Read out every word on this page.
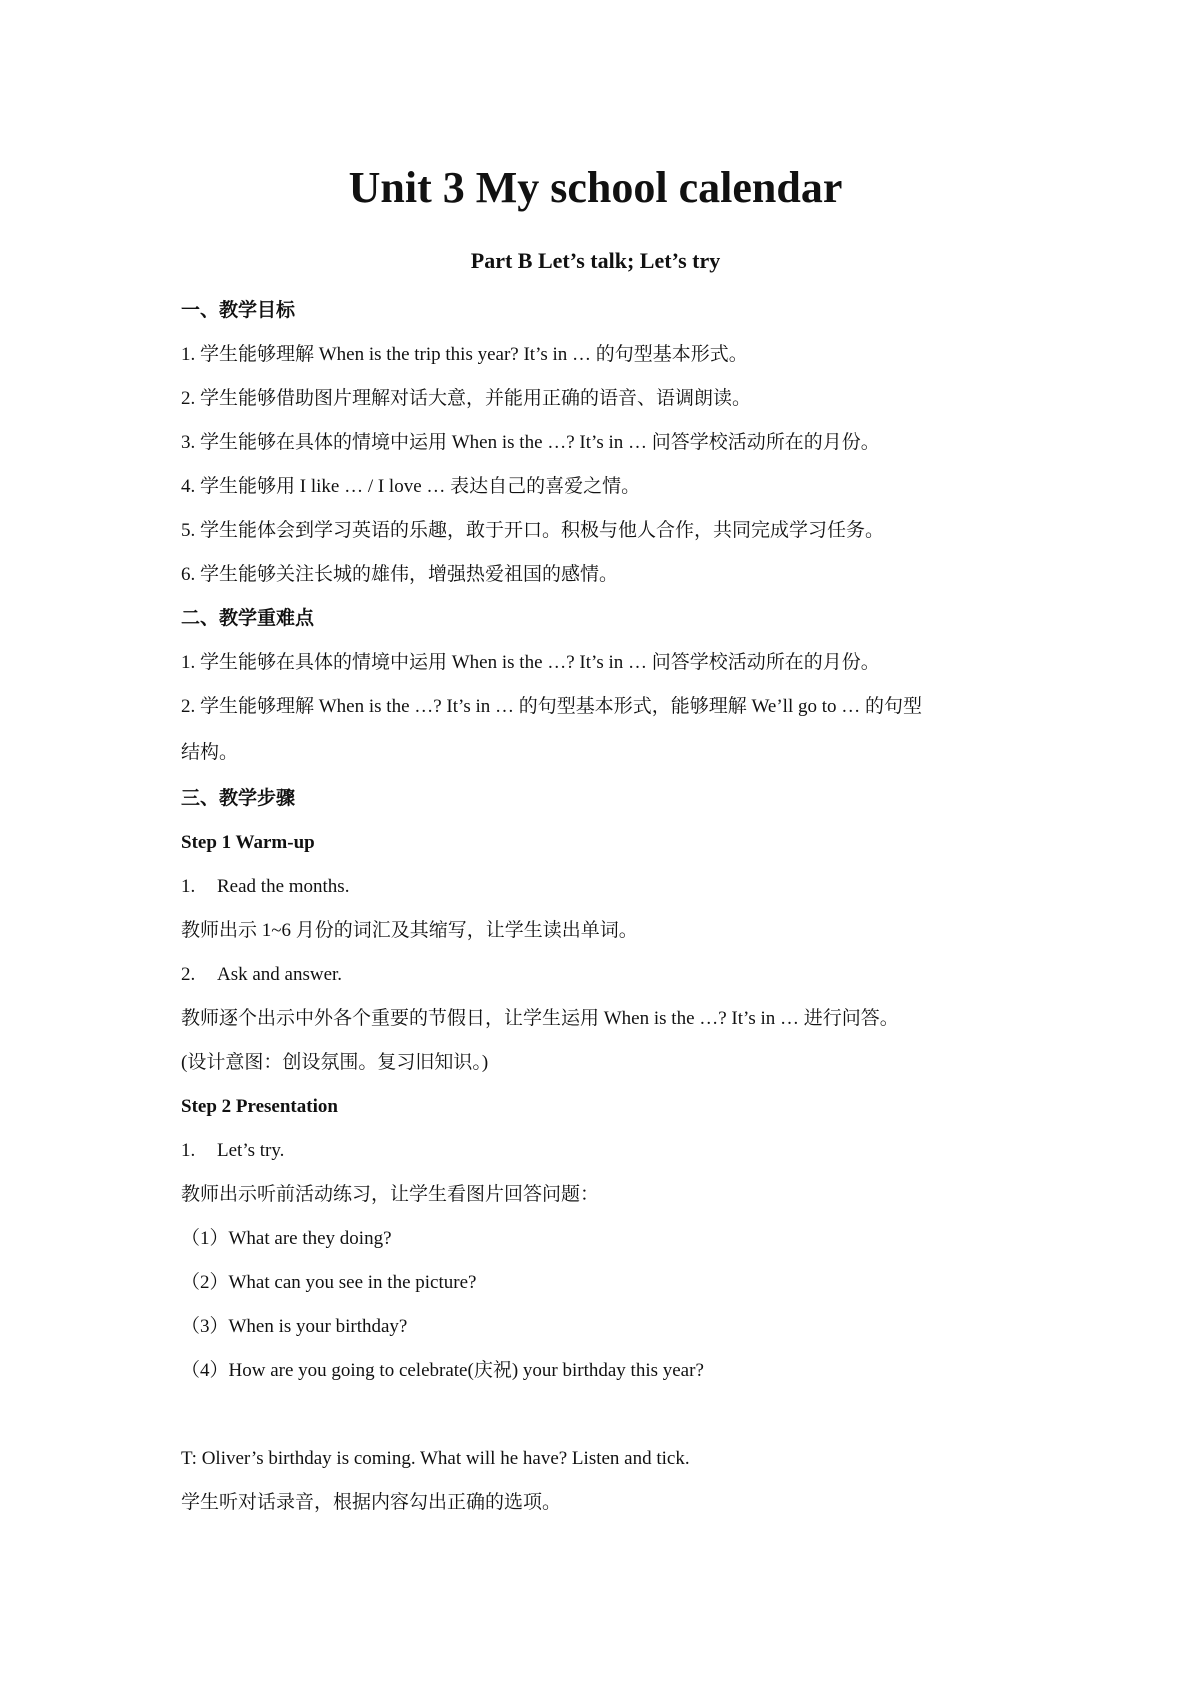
Unit 3 My school calendar
Part B Let’s talk; Let’s try

一、教学目标

1. 学生能够理解 When is the trip this year? It’s in … 的句型基本形式。

2. 学生能够借助图片理解对话大意，并能用正确的语音、语调朗读。

3. 学生能够在具体的情境中运用 When is the …? It’s in … 问答学校活动所在的月份。

4. 学生能够用 I like … / I love … 表达自己的喜爱之情。

5. 学生能体会到学习英语的乐趣，敢于开口。积极与他人合作，共同完成学习任务。

6. 学生能够关注长城的雄伟，增强热爱祖国的感情。

二、教学重难点

1. 学生能够在具体的情境中运用 When is the …? It’s in … 问答学校活动所在的月份。

2. 学生能够理解 When is the …? It’s in … 的句型基本形式，能够理解 We’ll go to … 的句型

结构。

三、教学步骤

Step 1 Warm-up

1. Read the months.

教师出示 1~6 月份的词汇及其缩写，让学生读出单词。

2. Ask and answer.

教师逐个出示中外各个重要的节假日，让学生运用 When is the …? It’s in … 进行问答。

(设计意图：创设氛围。复习旧知识。)

Step 2 Presentation

1. Let’s try.

教师出示听前活动练习，让学生看图片回答问题：

（1）What are they doing?

（2）What can you see in the picture?

（3）When is your birthday?

（4）How are you going to celebrate(庆祝) your birthday this year?

T: Oliver’s birthday is coming. What will he have? Listen and tick.

学生听对话录音，根据内容勾出正确的选项。
